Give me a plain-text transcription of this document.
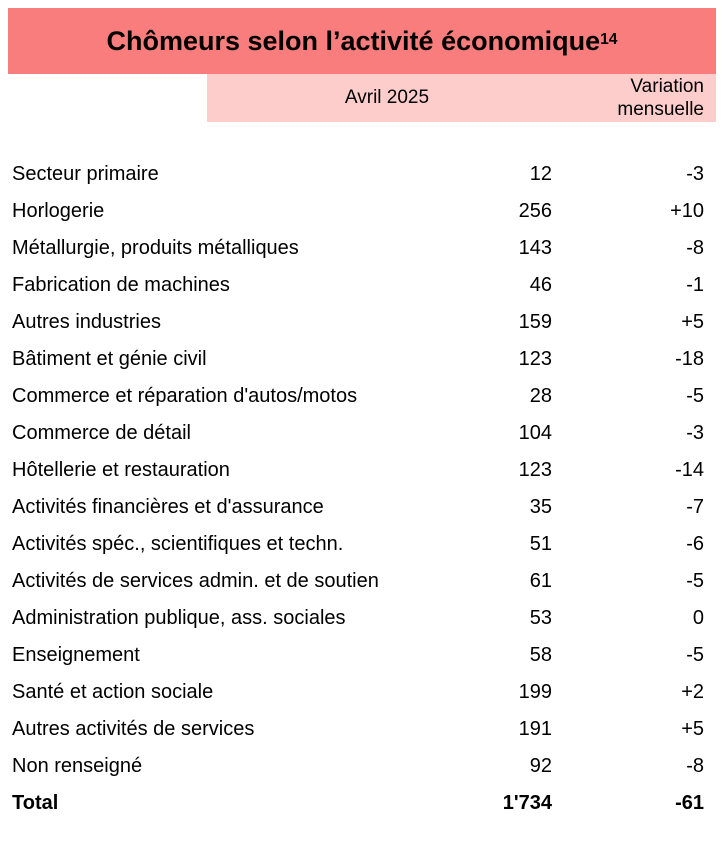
Chômeurs selon l’activité économique$^{14}$
Avril 2025
Variation
mensuelle
Secteur primaire	12	-3
Horlogerie	256	+10
Métallurgie, produits métalliques	143	-8
Fabrication de machines	46	-1
Autres industries	159	+5
Bâtiment et génie civil	123	-18
Commerce et réparation d'autos/motos	28	-5
Commerce de détail	104	-3
Hôtellerie et restauration	123	-14
Activités financières et d'assurance	35	-7
Activités spéc., scientifiques et techn.	51	-6
Activités de services admin. et de soutien	61	-5
Administration publique, ass. sociales	53	0
Enseignement	58	-5
Santé et action sociale	199	+2
Autres activités de services	191	+5
Non renseigné	92	-8
Total	1'734	-61
